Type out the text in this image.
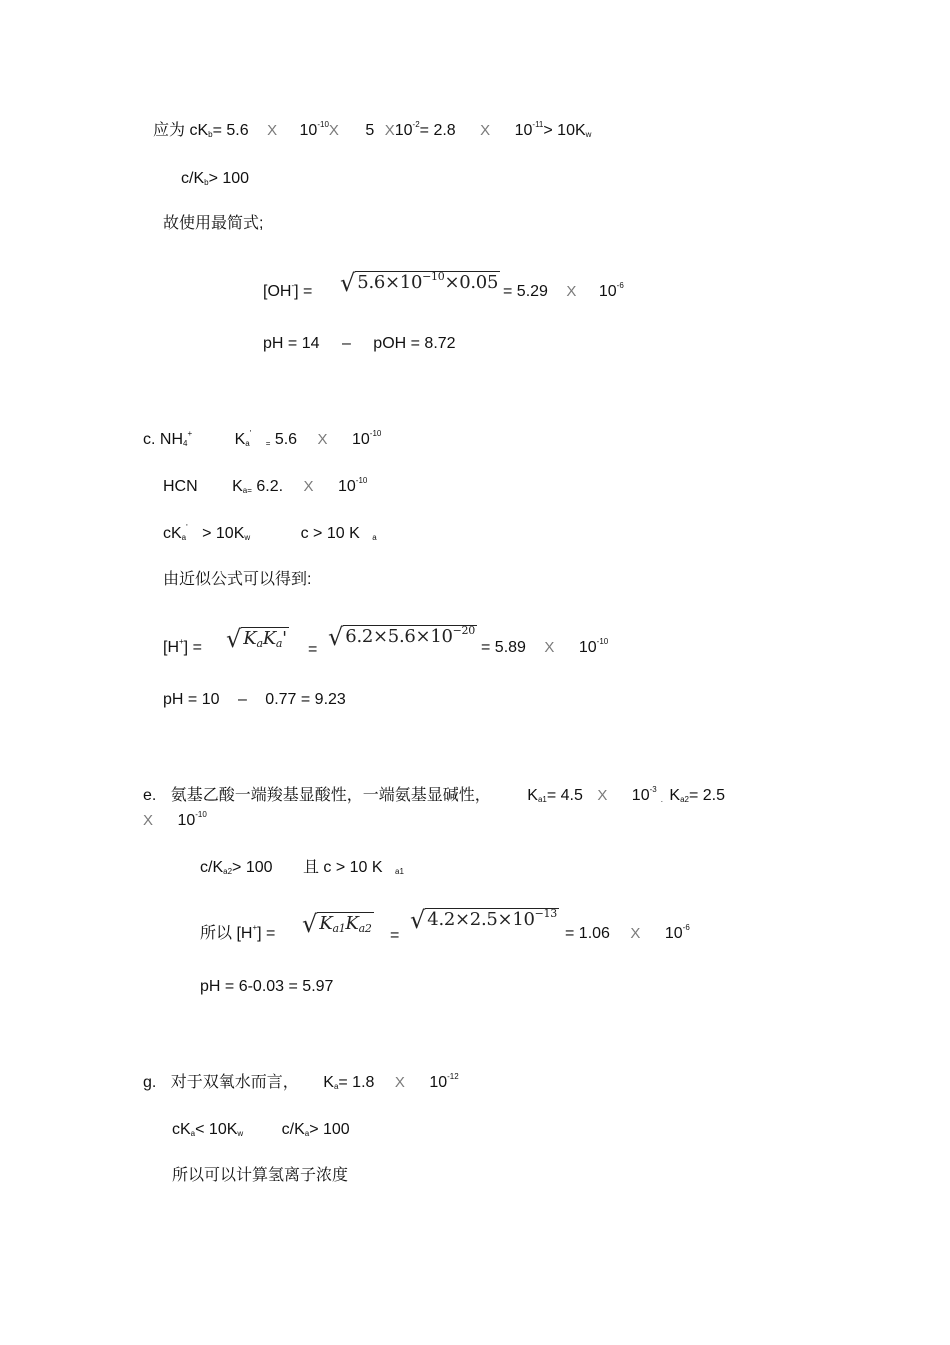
应为 cKb= 5.6 X 10-10X 5 X10-2= 2.8 X 10-11> 10Kw
c/Kb> 100
故使用最简式;
[OH-] = √ $5.6\times 10^{-10}\times 0.05 = 5.29$ X 10-6
pH = 14 – pOH = 8.72
c. NH4+	Ka' = 5.6 X 10-10
HCN Ka= 6.2. X 10-10
cKa' > 10Kw	c > 10 K a
由近似公式可以得到:
[H+] = √ KaKa'
= √ $6.2\times 5.6\times 10^{-20}$
= 5.89 X 10-10
pH = 10 – 0.77 = 9.23
e. 氨基乙酸一端羧基显酸性，一端氨基显碱性， Ka1= 4.5 X 10-3. Ka2= 2.5
X 10-10
c/Ka2> 100 且 c > 10 K a1
所以 [H+] = √ Ka1Ka2 =
√ $4.2\times 2.5\times 10^{-13}$
= 1.06 X 10-6
pH = 6-0.03 = 5.97
g. 对于双氧水而言， Ka= 1.8 X 10-12
cKa< 10Kw c/Ka> 100
所以可以计算氢离子浓度
